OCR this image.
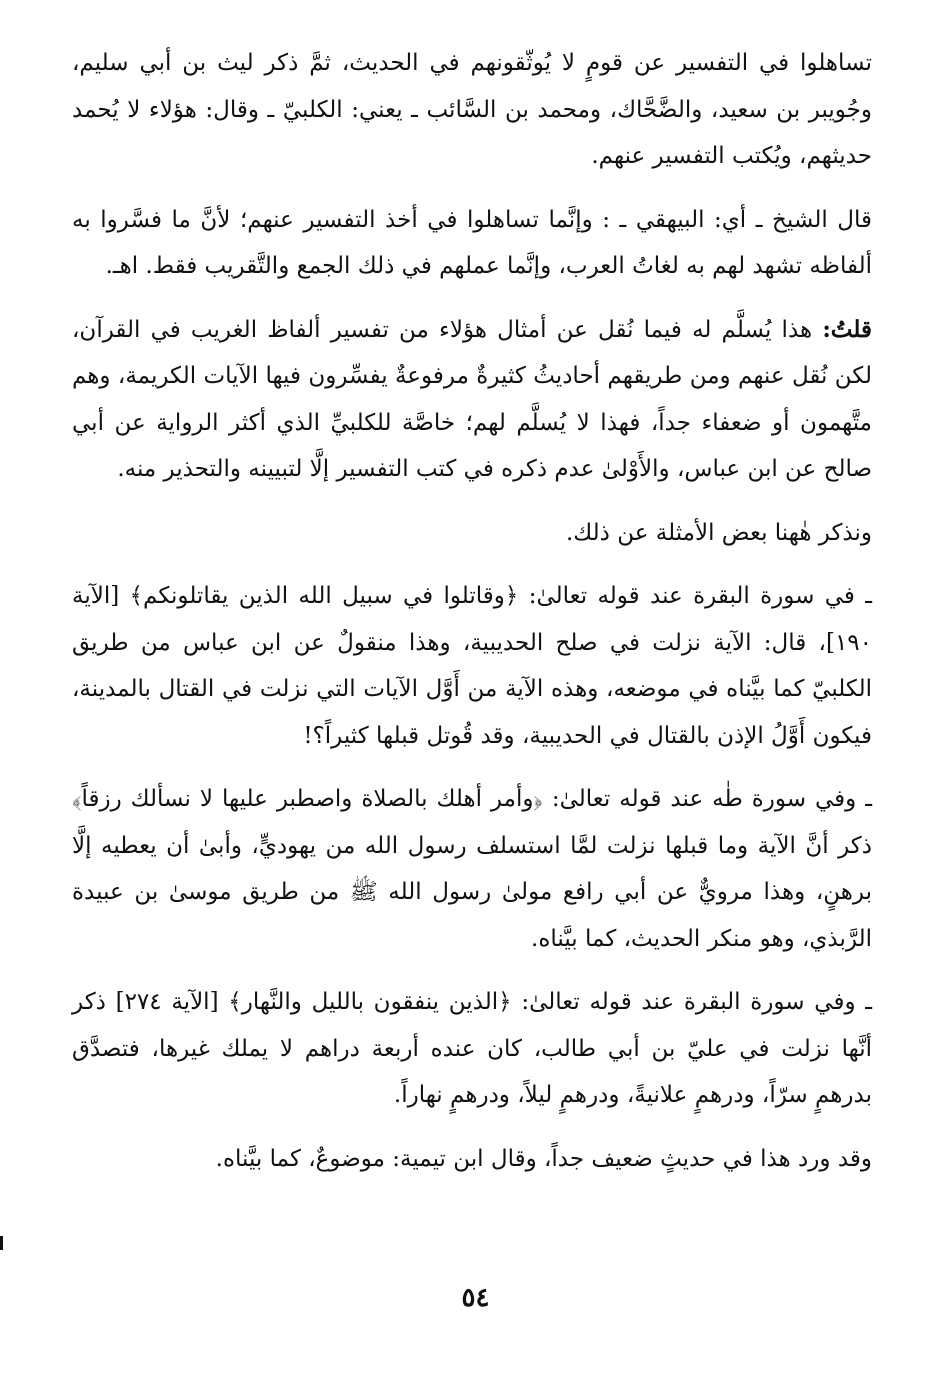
تساهلوا في التفسير عن قومٍ لا يُوثّقونهم في الحديث، ثمَّ ذكر ليث بن أبي سليم، وجُويبر بن سعيد، والضَّحَّاك، ومحمد بن السَّائب ـ يعني: الكلبيّ ـ وقال: هؤلاء لا يُحمد حديثهم، ويُكتب التفسير عنهم.

قال الشيخ ـ أي: البيهقي ـ : وإنَّما تساهلوا في أخذ التفسير عنهم؛ لأنَّ ما فسَّروا به ألفاظه تشهد لهم به لغاتُ العرب، وإنَّما عملهم في ذلك الجمع والتَّقريب فقط. اهـ.

قلتُ: هذا يُسلَّم له فيما نُقل عن أمثال هؤلاء من تفسير ألفاظ الغريب في القرآن، لكن نُقل عنهم ومن طريقهم أحاديثُ كثيرةٌ مرفوعةٌ يفسِّرون فيها الآيات الكريمة، وهم متَّهمون أو ضعفاء جداً، فهذا لا يُسلَّم لهم؛ خاصَّة للكلبيِّ الذي أكثر الرواية عن أبي صالح عن ابن عباس، والأَوْلىٰ عدم ذكره في كتب التفسير إلَّا لتبيينه والتحذير منه.

ونذكر هٰهنا بعض الأمثلة عن ذلك.

ـ في سورة البقرة عند قوله تعالىٰ: ﴿وقاتلوا في سبيل الله الذين يقاتلونكم﴾ [الآية ١٩٠]، قال: الآية نزلت في صلح الحديبية، وهذا منقولٌ عن ابن عباس من طريق الكلبيّ كما بيَّناه في موضعه، وهذه الآية من أَوَّل الآيات التي نزلت في القتال بالمدينة، فيكون أَوَّلُ الإذن بالقتال في الحديبية، وقد قُوتل قبلها كثيراً؟!

ـ وفي سورة طٰه عند قوله تعالىٰ: ﴿وأمر أهلك بالصلاة واصطبر عليها لا نسألك رزقاً﴾ ذكر أنَّ الآية وما قبلها نزلت لمَّا استسلف رسول الله من يهوديٍّ، وأبىٰ أن يعطيه إلَّا برهنٍ، وهذا مرويٌّ عن أبي رافع مولىٰ رسول الله ﷺ من طريق موسىٰ بن عبيدة الرَّبذي، وهو منكر الحديث، كما بيَّناه.

ـ وفي سورة البقرة عند قوله تعالىٰ: ﴿الذين ينفقون بالليل والنَّهار﴾ [الآية ٢٧٤] ذكر أنَّها نزلت في عليّ بن أبي طالب، كان عنده أربعة دراهم لا يملك غيرها، فتصدَّق بدرهمٍ سرّاً، ودرهمٍ علانيةً، ودرهمٍ ليلاً، ودرهمٍ نهاراً.

وقد ورد هذا في حديثٍ ضعيف جداً، وقال ابن تيمية: موضوعٌ، كما بيَّناه.

٥٤
